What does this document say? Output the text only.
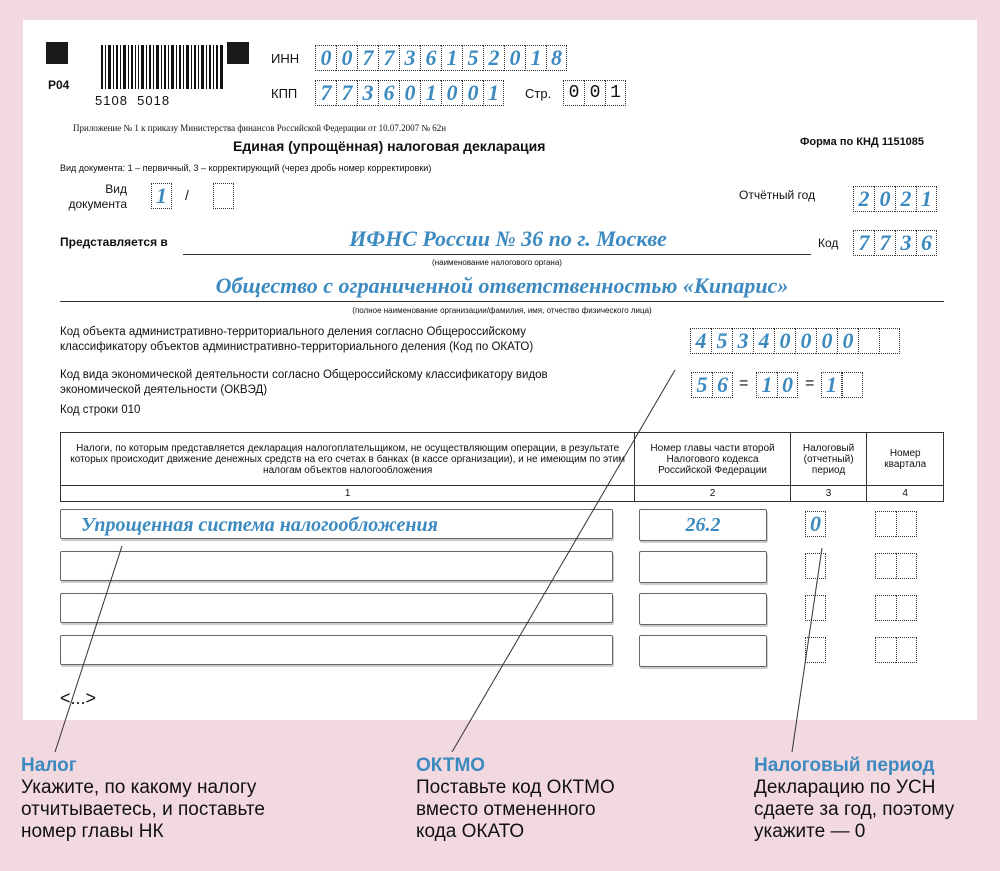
Р04
5108  5018
ИНН 0 0 7 7 3 6 1 5 2 0 1 8
КПП 7 7 3 6 0 1 0 0 1	Стр. 0 0 1
Приложение № 1 к приказу Министерства финансов Российской Федерации от 10.07.2007 № 62н
Единая (упрощённая) налоговая декларация	Форма по КНД 1151085
Вид документа: 1 – первичный, 3 – корректирующий (через дробь номер корректировки)
Вид
документа 1	/	Отчётный год 2 0 2 1
Представляется в	ИФНС России № 36 по г. Москве
(наименование налогового органа)
Код 7 7 3 6
Общество с ограниченной ответственностью «Кипарис»
(полное наименование организации/фамилия, имя, отчество физического лица)
Код объекта административно-территориального деления согласно Общероссийскому
классификатору объектов административно-территориального деления (Код по ОКАТО)	4 5 3 4 0 0 0 0
Код вида экономической деятельности согласно Общероссийскому классификатору видов
экономической деятельности (ОКВЭД)	5 6 = 1 0 = 1
Код строки 010
Налоги, по которым представляется декларация налогоплательщиком, не осуществляющим операции, в результате которых происходит движение денежных средств на его счетах в банках (в кассе организации), и не имеющим по этим налогам объектов налогообложения	Номер главы части второй Налогового кодекса Российской Федерации	Налоговый (отчетный) период	Номер квартала
1	2	3	4
Упрощенная система налогообложения	26.2	0
<...>
Налог
Укажите, по какому налогу
отчитываетесь, и поставьте
номер главы НК
ОКТМО
Поставьте код ОКТМО
вместо отмененного
кода ОКАТО
Налоговый период
Декларацию по УСН
сдаете за год, поэтому
укажите — 0
